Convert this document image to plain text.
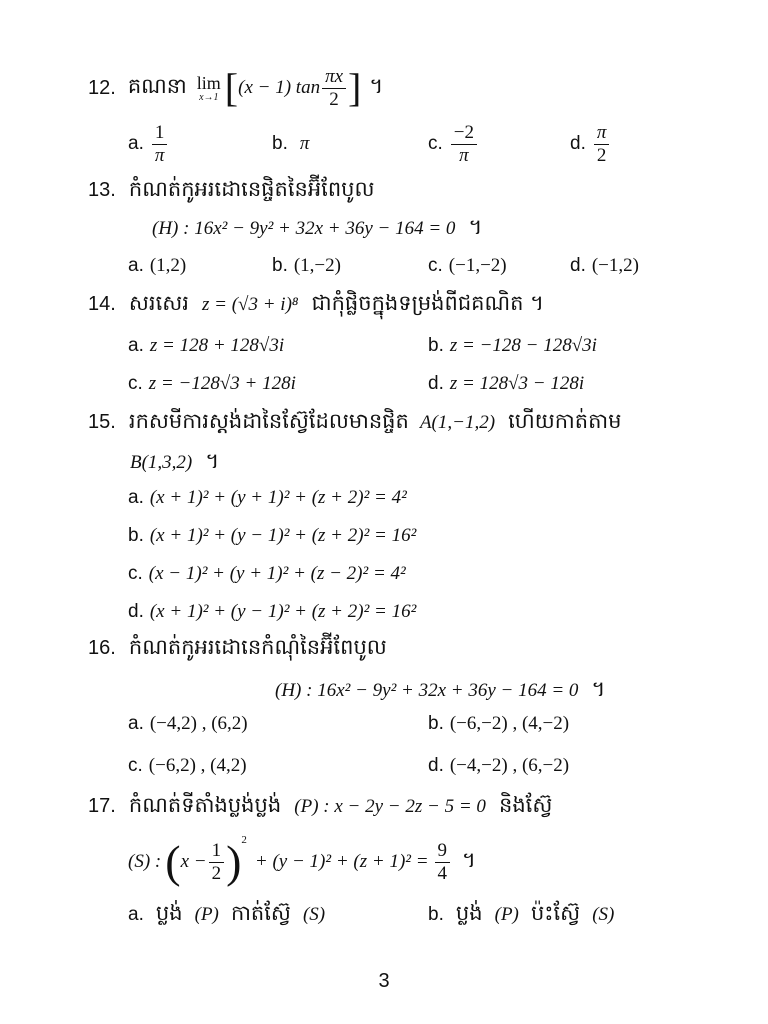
12. គណនា lim
x→1 [ (x − 1) $\tan \frac{\pi x}{2}$ ] ។
a. $\frac{1}{\pi}$	b. π	c. $\frac{-2}{\pi}$	d. $\frac{\pi}{2}$
13. កំណត់កូអរដោនេផ្ចិតនៃអ៊ីពែបូល
(H) : 16x² − 9y² + 32x + 36y − 164 = 0 ។
a. (1,2)	b. (1,−2)	c. (−1,−2)	d. (−1,2)
14. សរសេរ z = (√3 + i)⁸ ជាកុំផ្លិចក្នុងទម្រង់ពីជគណិត ។
a. z = 128 + 128√3i	b. z = −128 − 128√3i
c. z = −128√3 + 128i	d. z = 128√3 − 128i
15. រកសមីការស្តង់ដានៃស្វ៊ែដែលមានផ្ចិត A(1,−1,2) ហើយកាត់តាម
B(1,3,2) ។
a. (x + 1)² + (y + 1)² + (z + 2)² = 4²
b. (x + 1)² + (y − 1)² + (z + 2)² = 16²
c. (x − 1)² + (y + 1)² + (z − 2)² = 4²
d. (x + 1)² + (y − 1)² + (z + 2)² = 16²
16. កំណត់កូអរដោនេកំណុំនៃអ៊ីពែបូល
(H) : 16x² − 9y² + 32x + 36y − 164 = 0 ។
a. (−4,2) , (6,2)	b. (−6,−2) , (4,−2)
c. (−6,2) , (4,2)	d. (−4,−2) , (6,−2)
17. កំណត់ទីតាំងប្លង់ប្លង់ (P) : x − 2y − 2z − 5 = 0 និងស្វ៊ែ
(S) : ( $x - \frac{1}{2}$ ) 2
+ $(y - 1)^2 + (z + 1)^2 = \frac{9}{4}$ ។
a. ប្លង់ (P) កាត់ស្វ៊ែ (S)	b. ប្លង់ (P) ប៉ះស្វ៊ែ (S)
3
